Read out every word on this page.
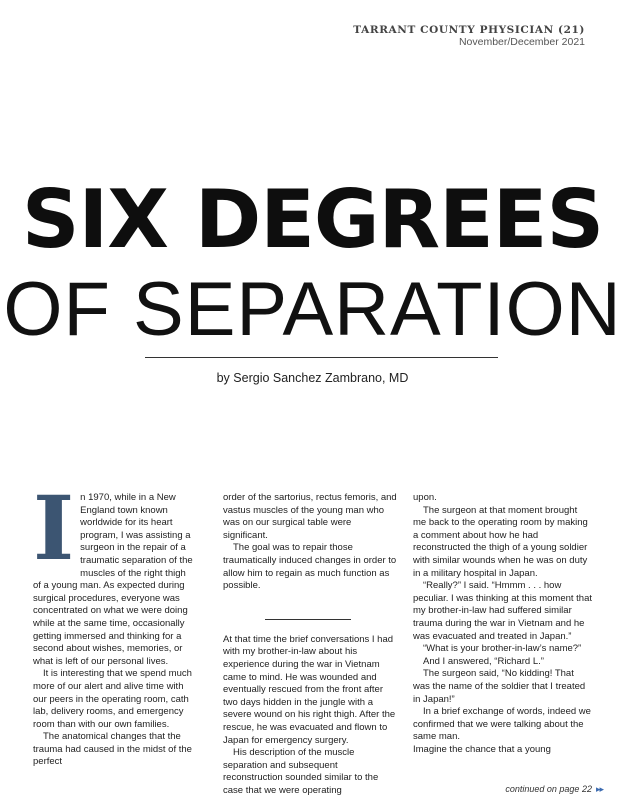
TARRANT COUNTY PHYSICIAN (21)
November/December 2021
SIX DEGREES
OF SEPARATION
by Sergio Sanchez Zambrano, MD
I n 1970, while in a New England town known worldwide for its heart program, I was assisting a surgeon in the repair of a traumatic separation of the muscles of the right thigh of a young man. As expected during surgical procedures, everyone was concentrated on what we were doing while at the same time, occasionally getting immersed and thinking for a second about wishes, memories, or what is left of our personal lives.

It is interesting that we spend much more of our alert and alive time with our peers in the operating room, cath lab, delivery rooms, and emergency room than with our own families.

The anatomical changes that the trauma had caused in the midst of the perfect

order of the sartorius, rectus femoris, and vastus muscles of the young man who was on our surgical table were significant.

The goal was to repair those traumatically induced changes in order to allow him to regain as much function as possible.

At that time the brief conversations I had with my brother-in-law about his experience during the war in Vietnam came to mind. He was wounded and eventually rescued from the front after two days hidden in the jungle with a severe wound on his right thigh. After the rescue, he was evacuated and flown to Japan for emergency surgery.

His description of the muscle separation and subsequent reconstruction sounded similar to the case that we were operating

upon.

The surgeon at that moment brought me back to the operating room by making a comment about how he had reconstructed the thigh of a young soldier with similar wounds when he was on duty in a military hospital in Japan.

“Really?” I said. “Hmmm . . . how peculiar. I was thinking at this moment that my brother-in-law had suffered similar trauma during the war in Vietnam and he was evacuated and treated in Japan.”

“What is your brother-in-law’s name?”

And I answered, “Richard L.”

The surgeon said, “No kidding! That was the name of the soldier that I treated in Japan!”

In a brief exchange of words, indeed we confirmed that we were talking about the same man.

Imagine the chance that a young

continued on page 22 ▸▸
